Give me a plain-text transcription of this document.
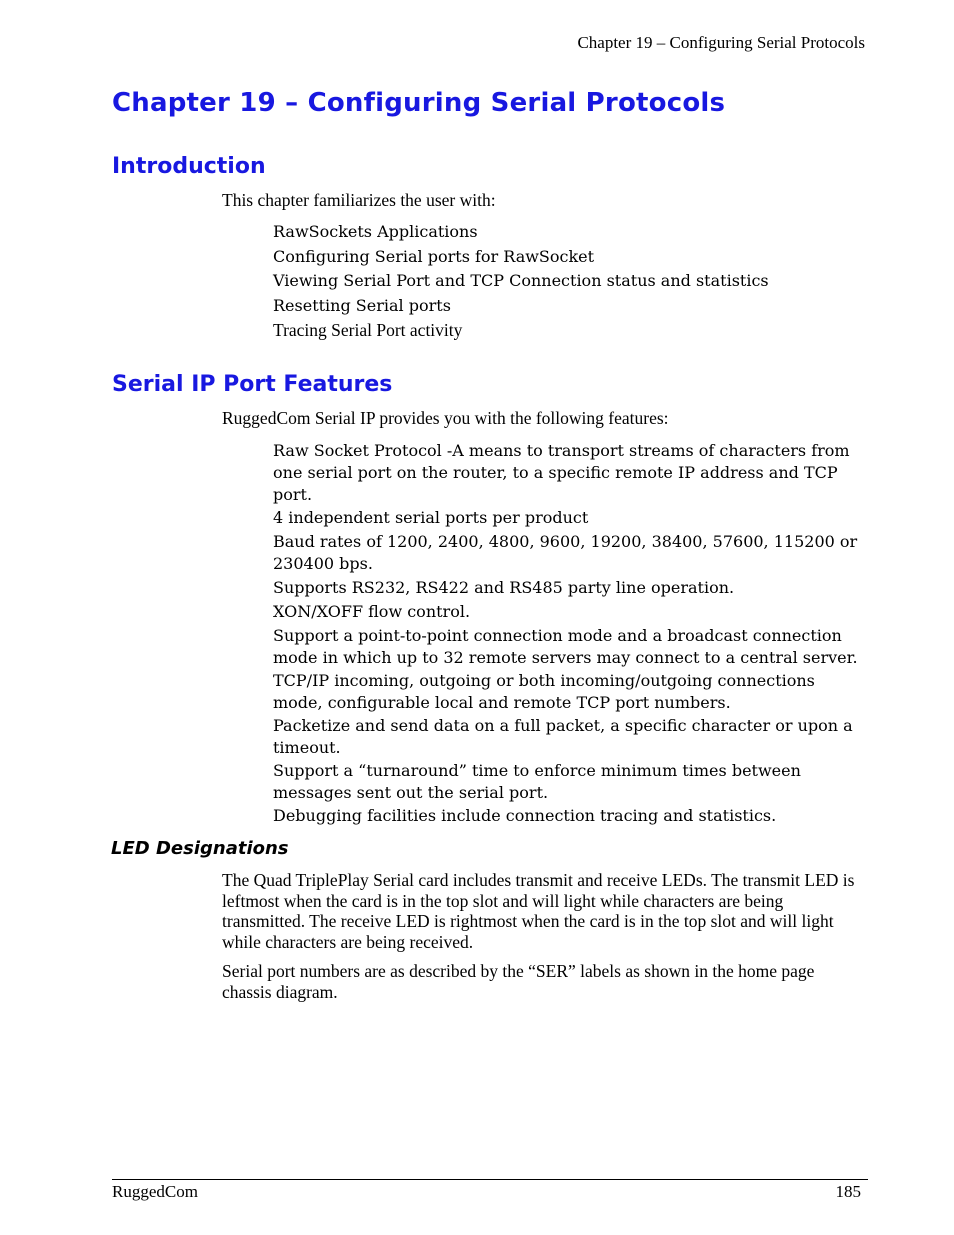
Chapter 19 – Configuring Serial Protocols
Chapter 19 – Configuring Serial Protocols
Introduction

This chapter familiarizes the user with:

RawSockets Applications
Configuring Serial ports for RawSocket
Viewing Serial Port and TCP Connection status and statistics
Resetting Serial ports
Tracing Serial Port activity
Serial IP Port Features

RuggedCom Serial IP provides you with the following features:

Raw Socket Protocol -A means to transport streams of characters from one serial port on the router, to a specific remote IP address and TCP port.
4 independent serial ports per product
Baud rates of 1200, 2400, 4800, 9600, 19200, 38400, 57600, 115200 or 230400 bps.
Supports RS232, RS422 and RS485 party line operation.
XON/XOFF flow control.
Support a point-to-point connection mode and a broadcast connection mode in which up to 32 remote servers may connect to a central server.
TCP/IP incoming, outgoing or both incoming/outgoing connections mode, configurable local and remote TCP port numbers.
Packetize and send data on a full packet, a specific character or upon a timeout.
Support a “turnaround” time to enforce minimum times between messages sent out the serial port.
Debugging facilities include connection tracing and statistics.
LED Designations

The Quad TriplePlay Serial card includes transmit and receive LEDs. The transmit LED is leftmost when the card is in the top slot and will light while characters are being transmitted. The receive LED is rightmost when the card is in the top slot and will light while characters are being received.

Serial port numbers are as described by the “SER” labels as shown in the home page chassis diagram.

RuggedCom	185
